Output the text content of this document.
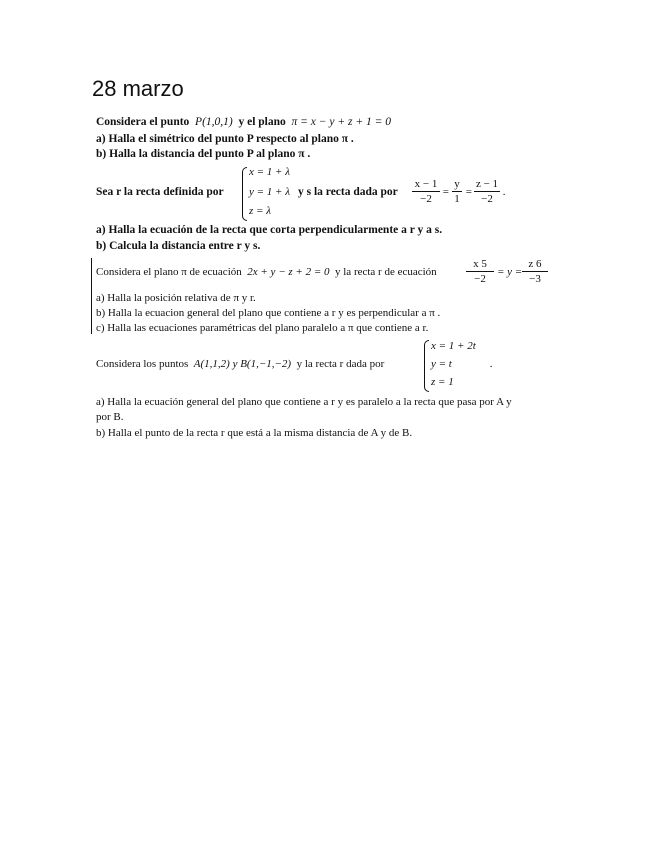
28 marzo
Considera el punto P(1,0,1) y el plano π = x − y + z + 1 = 0
a) Halla el simétrico del punto P respecto al plano π .
b) Halla la distancia del punto P al plano π .
Sea r la recta definida por
x = 1 + λ
y = 1 + λ
z = λ
y s la recta dada por
x − 1
−2
=
y
1
=
z − 1
−2
.
a) Halla la ecuación de la recta que corta perpendicularmente a r y a s.
b) Calcula la distancia entre r y s.
Considera el plano π de ecuación 2x + y − z + 2 = 0 y la recta r de ecuación
x 5
−2
= y =
z 6
−3
a) Halla la posición relativa de π y r.
b) Halla la ecuacion general del plano que contiene a r y es perpendicular a π .
c) Halla las ecuaciones paramétricas del plano paralelo a π que contiene a r.
Considera los puntos A(1,1,2) y B(1,−1,−2) y la recta r dada por
x = 1 + 2t
y = t
z = 1
.
a) Halla la ecuación general del plano que contiene a r y es paralelo a la recta que pasa por A y
por B.
b) Halla el punto de la recta r que está a la misma distancia de A y de B.
